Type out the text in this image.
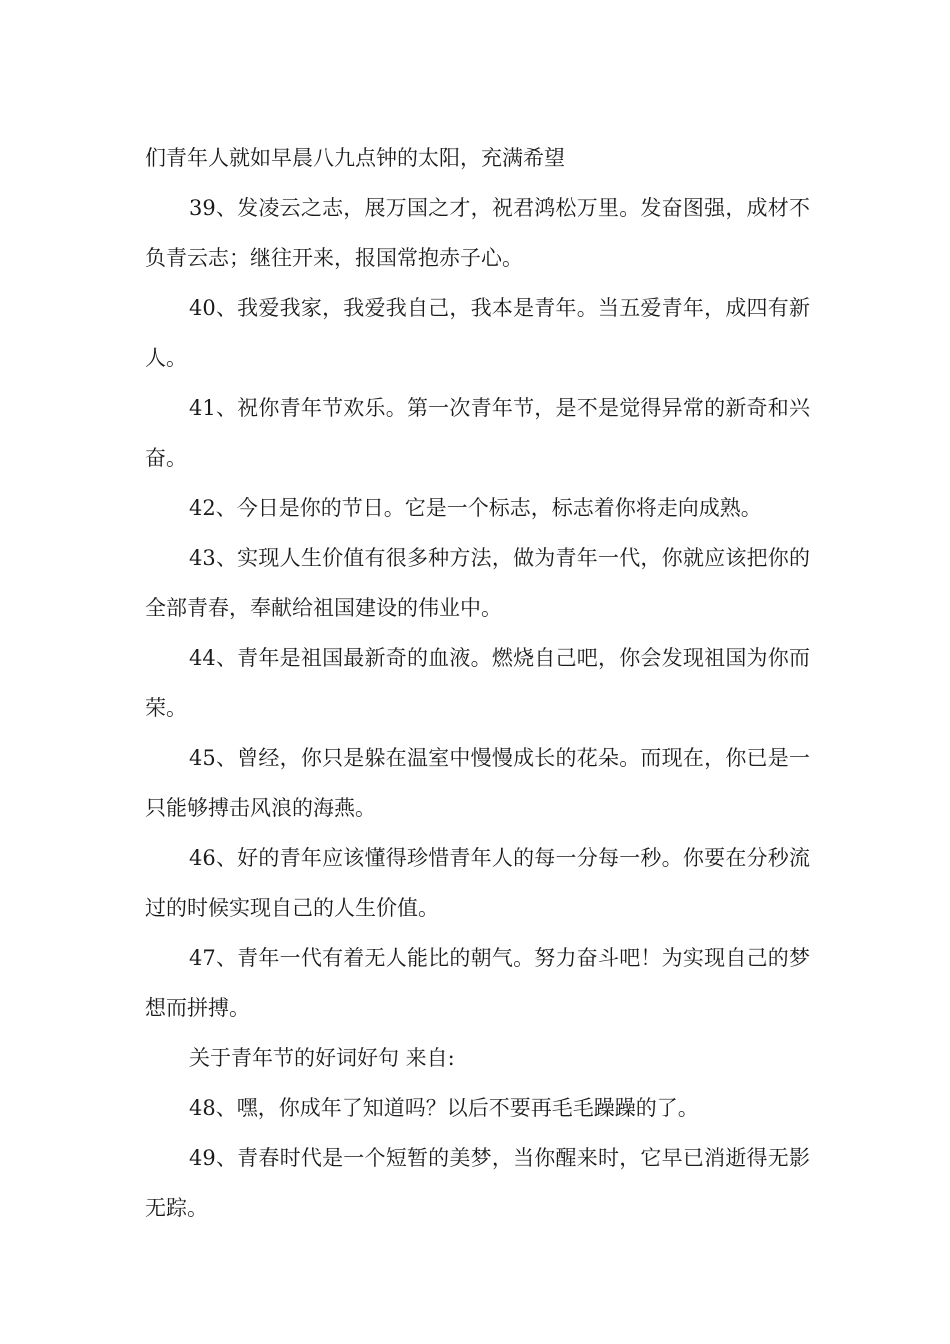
们青年人就如早晨八九点钟的太阳，充满希望

39、发凌云之志，展万国之才，祝君鸿松万里。发奋图强，成材不负青云志；继往开来，报国常抱赤子心。

40、我爱我家，我爱我自己，我本是青年。当五爱青年，成四有新人。

41、祝你青年节欢乐。第一次青年节，是不是觉得异常的新奇和兴奋。

42、今日是你的节日。它是一个标志，标志着你将走向成熟。

43、实现人生价值有很多种方法，做为青年一代，你就应该把你的全部青春，奉献给祖国建设的伟业中。

44、青年是祖国最新奇的血液。燃烧自己吧，你会发现祖国为你而荣。

45、曾经，你只是躲在温室中慢慢成长的花朵。而现在，你已是一只能够搏击风浪的海燕。

46、好的青年应该懂得珍惜青年人的每一分每一秒。你要在分秒流过的时候实现自己的人生价值。

47、青年一代有着无人能比的朝气。努力奋斗吧！为实现自己的梦想而拼搏。

关于青年节的好词好句 来自:

48、嘿，你成年了知道吗？以后不要再毛毛躁躁的了。

49、青春时代是一个短暂的美梦，当你醒来时，它早已消逝得无影无踪。
